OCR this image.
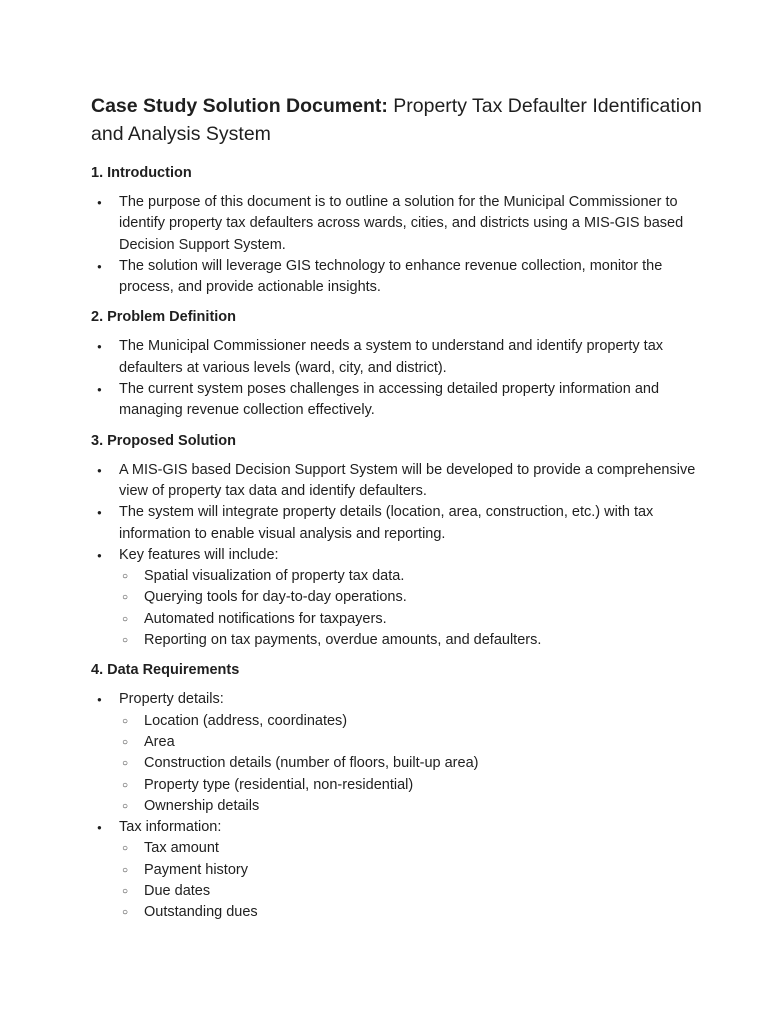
Case Study Solution Document: Property Tax Defaulter Identification and Analysis System
1. Introduction
● The purpose of this document is to outline a solution for the Municipal Commissioner to identify property tax defaulters across wards, cities, and districts using a MIS-GIS based Decision Support System.
● The solution will leverage GIS technology to enhance revenue collection, monitor the process, and provide actionable insights.
2. Problem Definition
● The Municipal Commissioner needs a system to understand and identify property tax defaulters at various levels (ward, city, and district).
● The current system poses challenges in accessing detailed property information and managing revenue collection effectively.
3. Proposed Solution
● A MIS-GIS based Decision Support System will be developed to provide a comprehensive view of property tax data and identify defaulters.
● The system will integrate property details (location, area, construction, etc.) with tax information to enable visual analysis and reporting.
● Key features will include:
○ Spatial visualization of property tax data.
○ Querying tools for day-to-day operations.
○ Automated notifications for taxpayers.
○ Reporting on tax payments, overdue amounts, and defaulters.
4. Data Requirements
● Property details:
○ Location (address, coordinates)
○ Area
○ Construction details (number of floors, built-up area)
○ Property type (residential, non-residential)
○ Ownership details
● Tax information:
○ Tax amount
○ Payment history
○ Due dates
○ Outstanding dues
